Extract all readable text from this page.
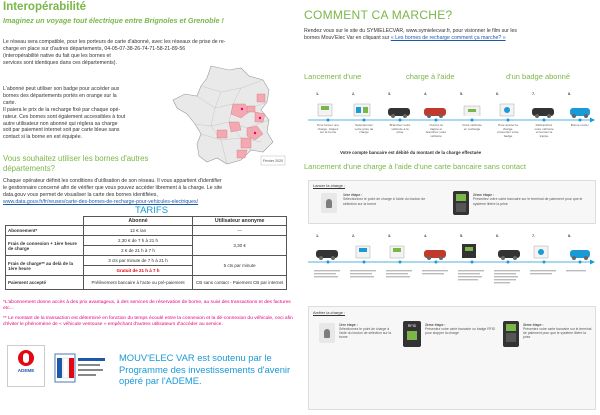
Interopérabilité
Imaginez un voyage tout électrique entre Brignoles et Grenoble !
Le réseau sera compatible, pour les porteurs de carte d'abonné, avec les réseaux de prise de re-
charge en place sur d'autres départements, 04-05-07-38-26-74-71-58-21-89-56
(interopérabilité native du fait que les bornes et
services sont identiques dans ces départements).
L'abonné peut utiliser son badge pour accéder aux
bornes des départements portés en orange sur la
carte.
Il paiera le prix de la recharge fixé par chaque opé-
rateur. Ces bornes sont également accessibles à tout
autre utilisateur non abonné qui réglera sa charge
soit par paiement internet soit par carte bleue sans
contact si la borne en est équipée.
Février 2020
Vous souhaitez utiliser les bornes d'autres départements?
Chaque opérateur définit les conditions d'utilisation de son réseau. Il vous appartient d'identifier
le gestionnaire concerné afin de vérifier que vous pouvez accéder librement à la charge. Le site
data.gouv vous permet de visualiser la carte des bornes identifiées,
www.data.gouv.fr/fr/reuses/carte-des-bornes-de-recharge-pour-vehicules-electriques/
TARIFS
	Abonné	Utilisateur anonyme
Abonnement*	12 € /an	—
Frais de connexion + 1ère heure de charge	2,30 € de 7 h à 21 h	3,30 €
	2 € de 21 h à 7 h	
Frais de charge** au delà de la 1ère heure	3 cts par minute de 7 h à 21 h	5 cts par minute
	Gratuit de 21 h à 7 h	
Paiement accepté	Prélèvement bancaire à l'acte ou pré-paiement	CB sans contact - Paiement CB par internet
*L'abonnement donne accès à des prix avantageux, à des services de réservation de borne, au suivi des transactions et des factures etc…
** Le montant de la transaction est déterminé en fonction du temps écoulé entre la connexion et la dé-connexion du véhicule, ceci afin d'éviter le phénomène de « véhicule ventouse » empêchant d'autres utilisateurs d'accéder au service.
ADEME
MOUV'ELEC VAR est soutenu par le Programme des investissements d'avenir opéré par l'ADEME.
COMMENT CA MARCHE?
Rendez vous sur le site du SYMIELECVAR, www.symielecvar.fr, pour visionner le film sur les
bornes Mouv'Elec Var en cliquant sur « Les bornes de recharge comment ça marche? »
Lancement d'une	charge à l'aide	d'un badge abonné
1.	2.	3.	4.	5.	6.	7.	8.
Pour lancer une charge, cliquez sur la borne
Sélectionnez votre prise de charge
Branchez votre véhicule à la prise
Ouvrez la trappe et branchez votre véhicule
Votre véhicule en recharge
Pour arrêter la charge, présentez votre badge
Débranchez votre véhicule et fermez la trappe
Bonne route !
Votre compte bancaire est débité du montant de la charge effectuée
Lancement d'une charge à l'aide d'une carte bancaire sans contact
Lancer la charge :
1ère étape :
Sélectionnez le point de charge à l'aide du bouton de sélection sur la borne
2ème étape :
Présentez votre carte bancaire sur le terminal de paiement pour que le système libère la prise
1.	2.	3.	4.	5.	6.	7.	8.
Arrêter la charge :
1ère étape :
Sélectionnez le point de charge à l'aide du bouton de sélection sur la borne
RFID	2ème étape :
Présentez votre carte bancaire ou badge RFID pour stopper la charge
3ème étape :
Présentez votre carte bancaire sur le terminal de paiement pour que le système libère la prise
